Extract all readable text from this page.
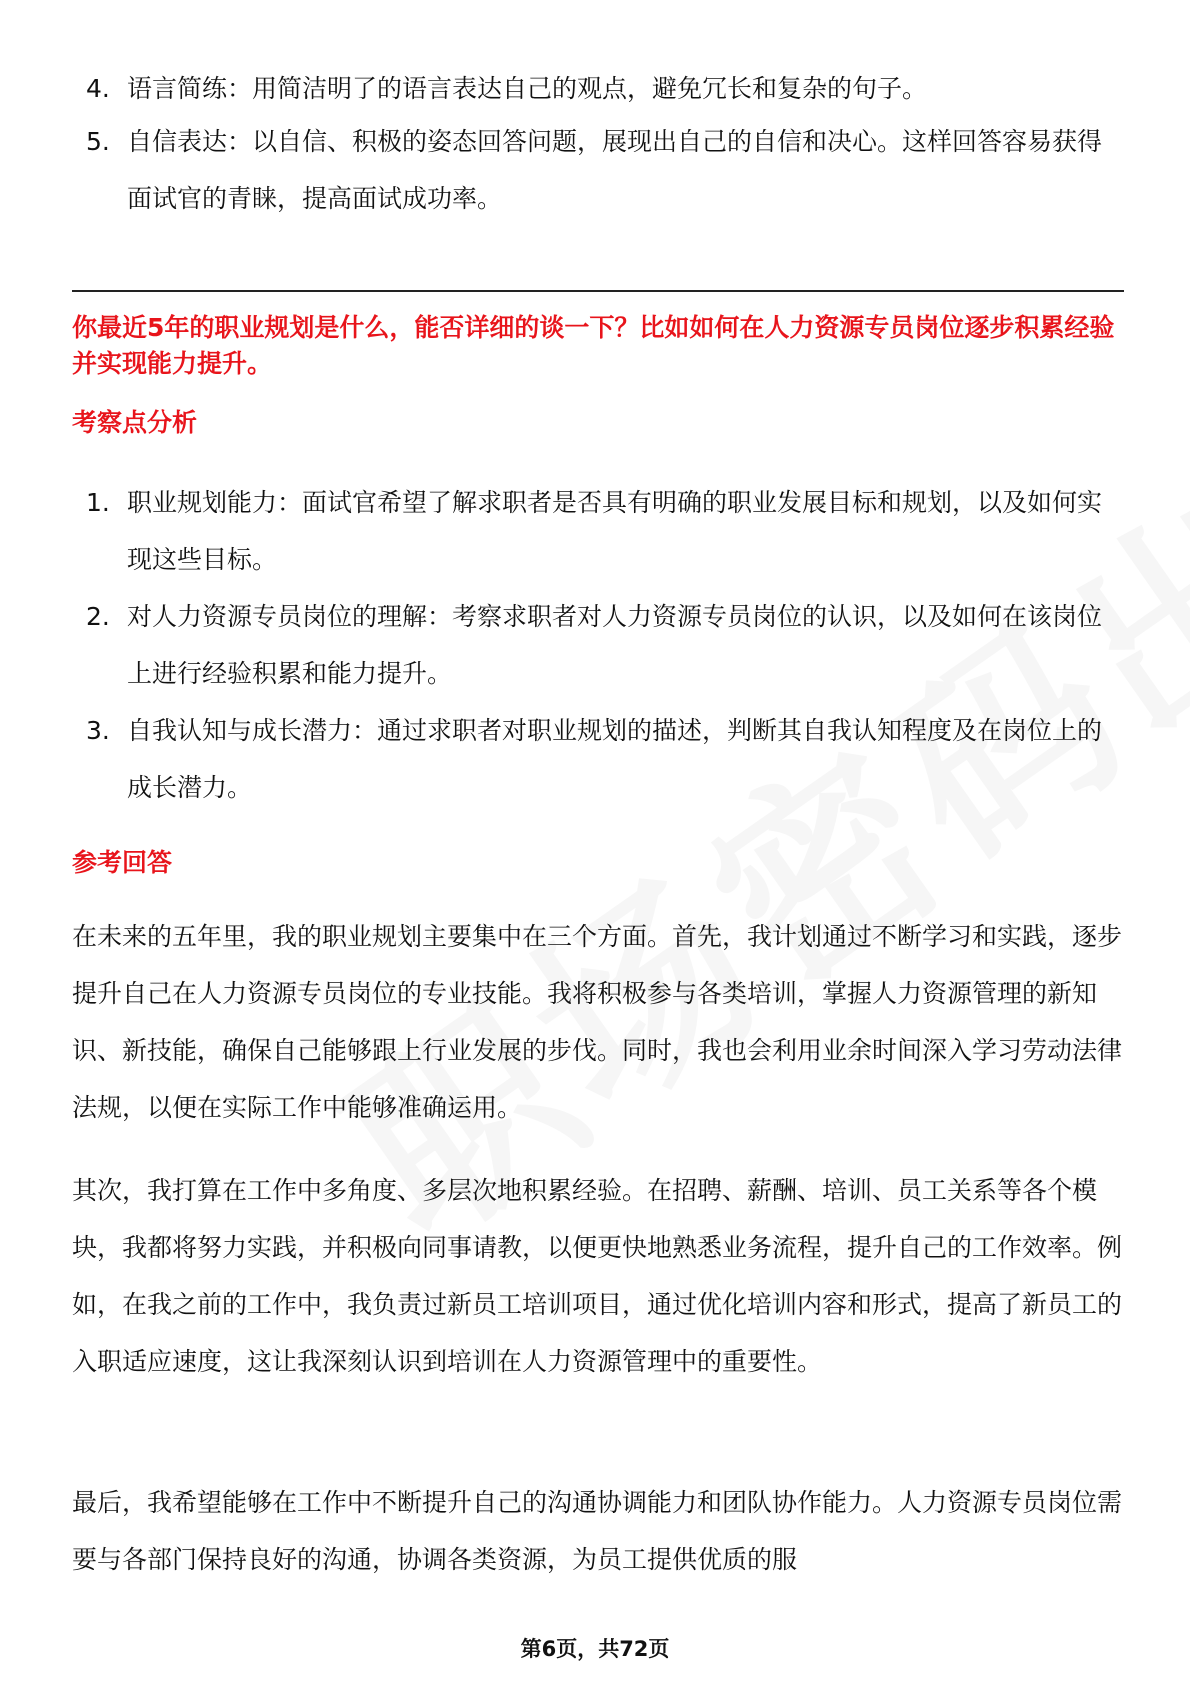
4. 语言简练：用简洁明了的语言表达自己的观点，避免冗长和复杂的句子。
5. 自信表达：以自信、积极的姿态回答问题，展现出自己的自信和决心。这样回答容易获得面试官的青睐，提高面试成功率。
你最近5年的职业规划是什么，能否详细的谈一下？比如如何在人力资源专员岗位逐步积累经验并实现能力提升。
考察点分析
1. 职业规划能力：面试官希望了解求职者是否具有明确的职业发展目标和规划，以及如何实现这些目标。
2. 对人力资源专员岗位的理解：考察求职者对人力资源专员岗位的认识，以及如何在该岗位上进行经验积累和能力提升。
3. 自我认知与成长潜力：通过求职者对职业规划的描述，判断其自我认知程度及在岗位上的成长潜力。
参考回答
在未来的五年里，我的职业规划主要集中在三个方面。首先，我计划通过不断学习和实践，逐步提升自己在人力资源专员岗位的专业技能。我将积极参与各类培训，掌握人力资源管理的新知识、新技能，确保自己能够跟上行业发展的步伐。同时，我也会利用业余时间深入学习劳动法律法规，以便在实际工作中能够准确运用。
其次，我打算在工作中多角度、多层次地积累经验。在招聘、薪酬、培训、员工关系等各个模块，我都将努力实践，并积极向同事请教，以便更快地熟悉业务流程，提升自己的工作效率。例如，在我之前的工作中，我负责过新员工培训项目，通过优化培训内容和形式，提高了新员工的入职适应速度，这让我深刻认识到培训在人力资源管理中的重要性。
最后，我希望能够在工作中不断提升自己的沟通协调能力和团队协作能力。人力资源专员岗位需要与各部门保持良好的沟通，协调各类资源，为员工提供优质的服
第6页，共72页
